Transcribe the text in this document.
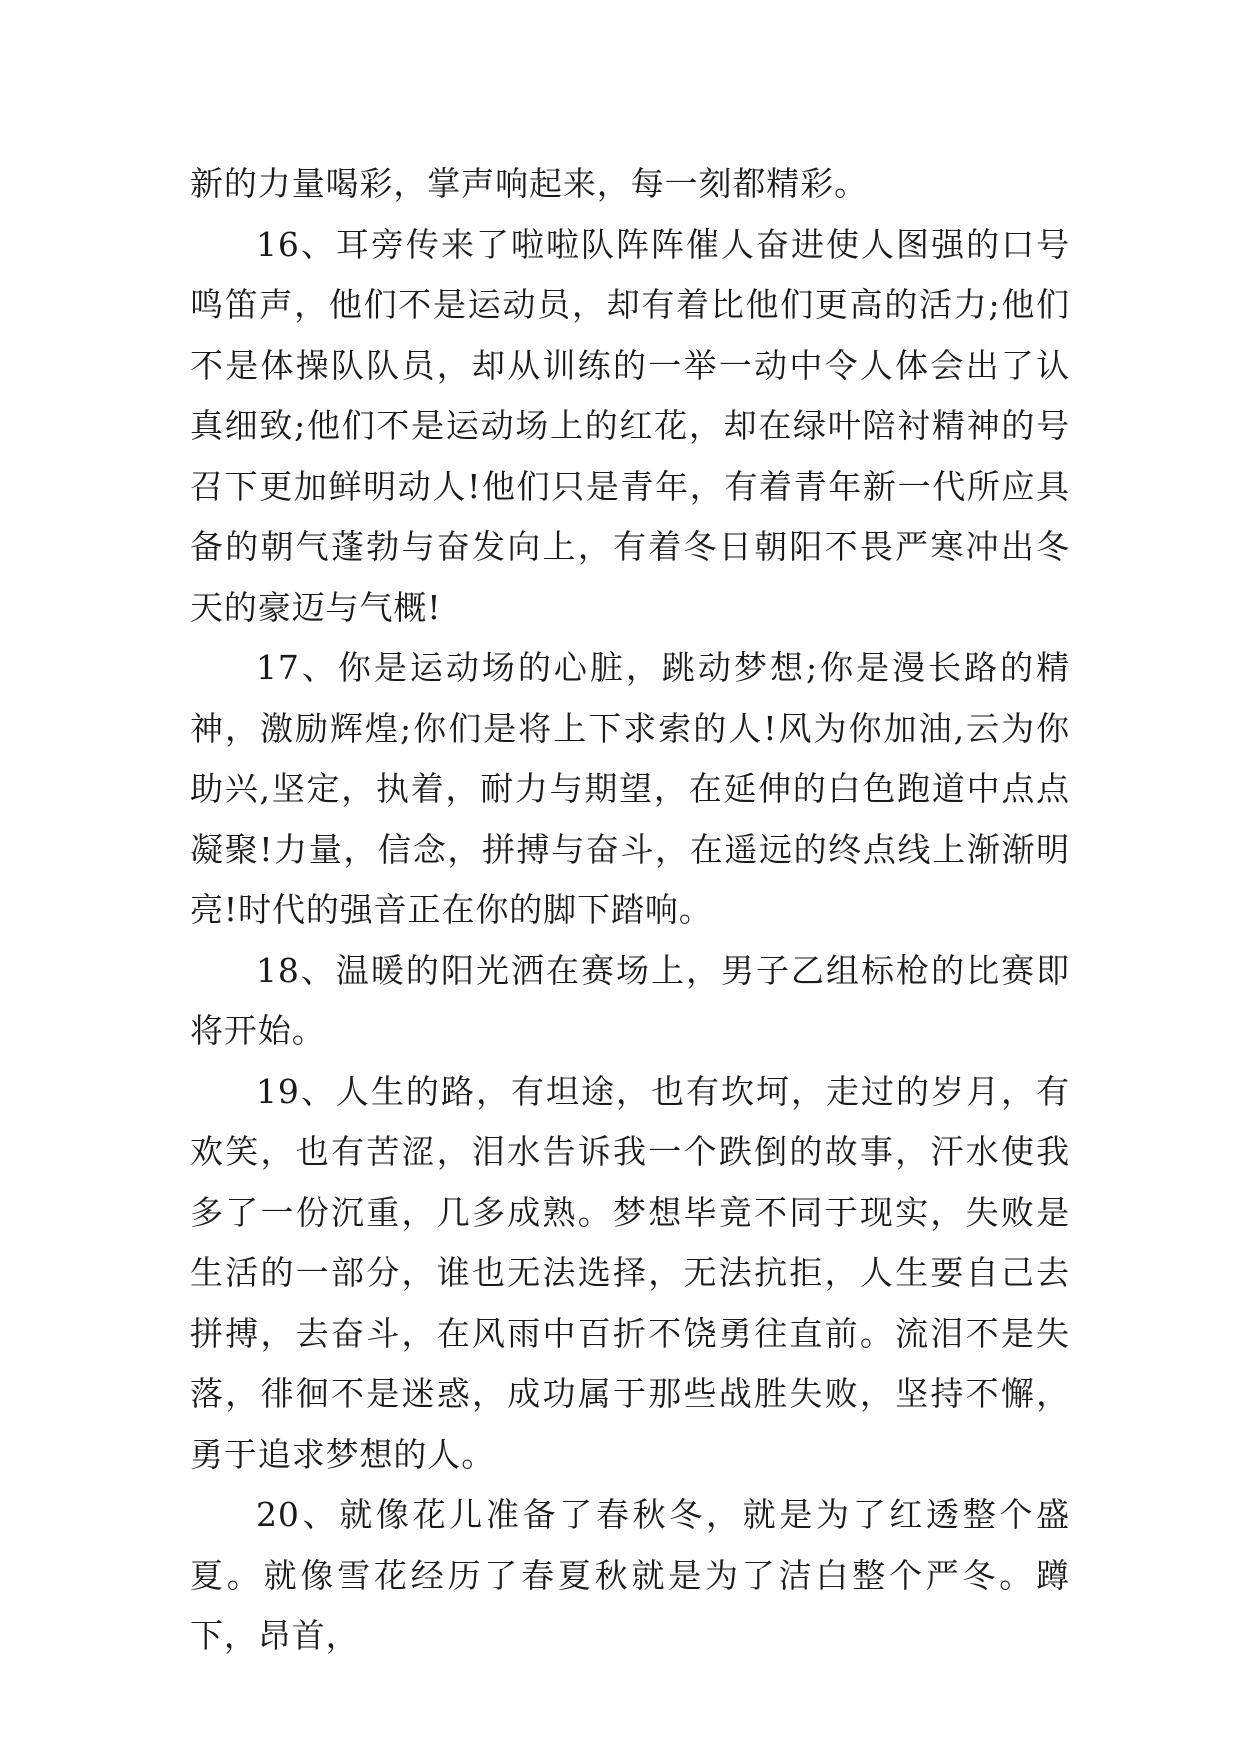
新的力量喝彩，掌声响起来，每一刻都精彩。

16、耳旁传来了啦啦队阵阵催人奋进使人图强的口号鸣笛声，他们不是运动员，却有着比他们更高的活力;他们不是体操队队员，却从训练的一举一动中令人体会出了认真细致;他们不是运动场上的红花，却在绿叶陪衬精神的号召下更加鲜明动人!他们只是青年，有着青年新一代所应具备的朝气蓬勃与奋发向上，有着冬日朝阳不畏严寒冲出冬天的豪迈与气概!

17、你是运动场的心脏，跳动梦想;你是漫长路的精神，激励辉煌;你们是将上下求索的人!风为你加油,云为你助兴,坚定，执着，耐力与期望，在延伸的白色跑道中点点凝聚!力量，信念，拼搏与奋斗，在遥远的终点线上渐渐明亮!时代的强音正在你的脚下踏响。

18、温暖的阳光洒在赛场上，男子乙组标枪的比赛即将开始。

19、人生的路，有坦途，也有坎坷，走过的岁月，有欢笑，也有苦涩，泪水告诉我一个跌倒的故事，汗水使我多了一份沉重，几多成熟。梦想毕竟不同于现实，失败是生活的一部分，谁也无法选择，无法抗拒，人生要自己去拼搏，去奋斗，在风雨中百折不饶勇往直前。流泪不是失落，徘徊不是迷惑，成功属于那些战胜失败，坚持不懈，勇于追求梦想的人。

20、就像花儿准备了春秋冬，就是为了红透整个盛夏。就像雪花经历了春夏秋就是为了洁白整个严冬。蹲下，昂首，
